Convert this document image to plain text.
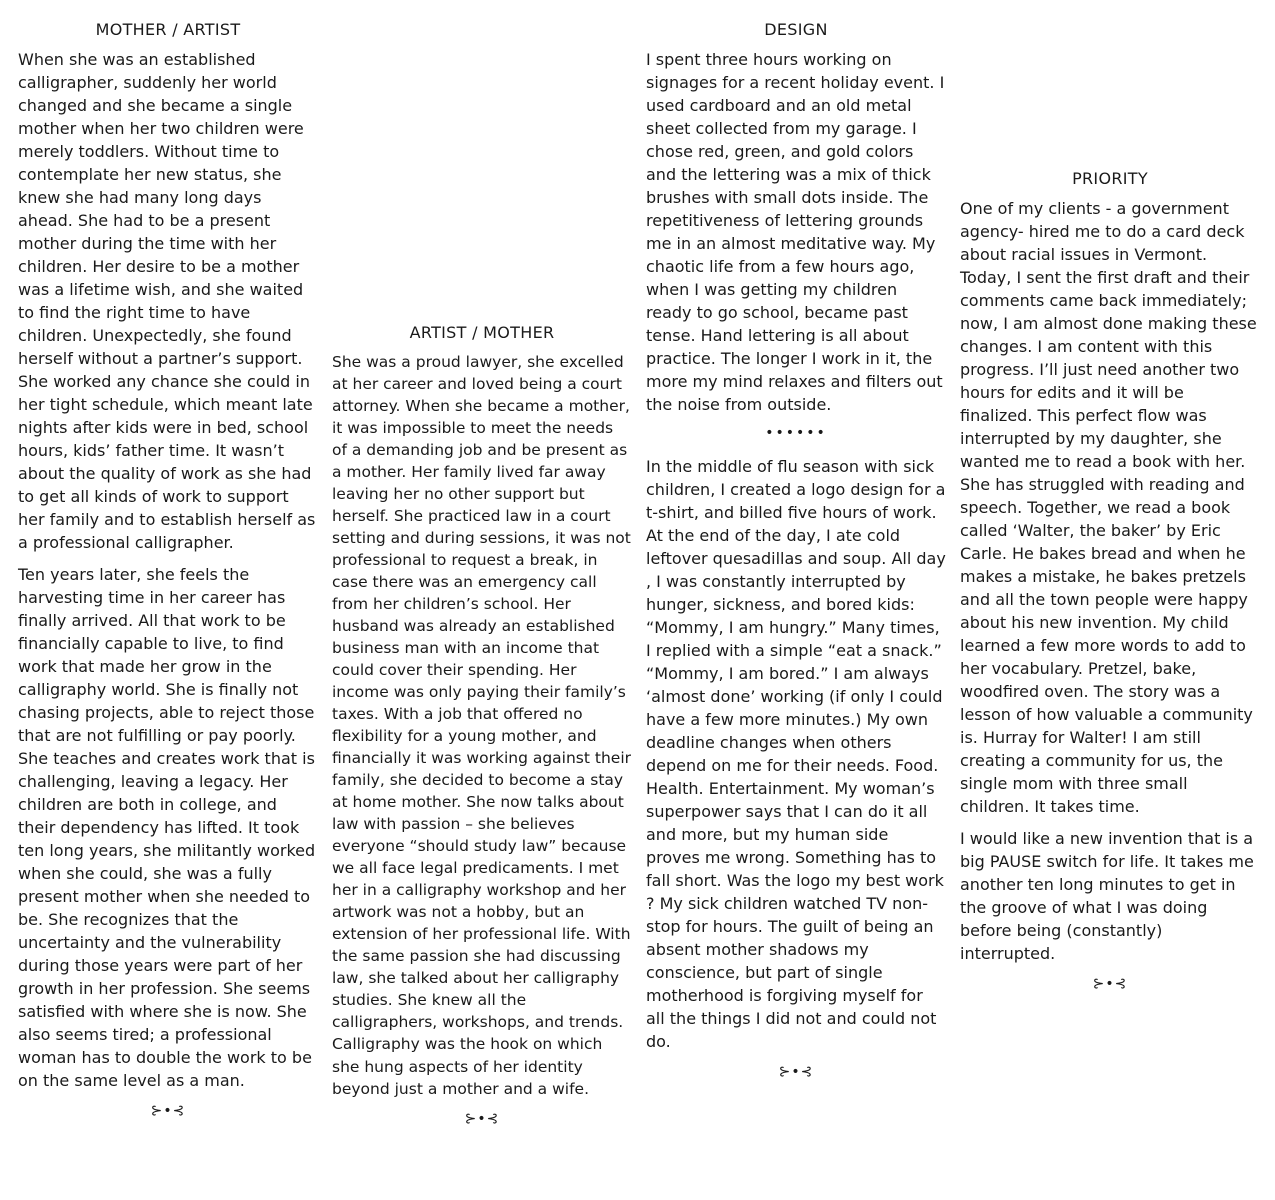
MOTHER / ARTIST

When she was an established calligrapher, suddenly her world changed and she became a single mother when her two children were merely toddlers. Without time to contemplate her new status, she knew she had many long days ahead. She had to be a present mother during the time with her children. Her desire to be a mother was a lifetime wish, and she waited to find the right time to have children. Unexpectedly, she found herself without a partner’s support. She worked any chance she could in her tight schedule, which meant late nights after kids were in bed, school hours, kids’ father time. It wasn’t about the quality of work as she had to get all kinds of work to support her family and to establish herself as a professional calligrapher.

Ten years later, she feels the harvesting time in her career has finally arrived. All that work to be financially capable to live, to find work that made her grow in the calligraphy world. She is finally not chasing projects, able to reject those that are not fulfilling or pay poorly. She teaches and creates work that is challenging, leaving a legacy. Her children are both in college, and their dependency has lifted. It took ten long years, she militantly worked when she could, she was a fully present mother when she needed to be. She recognizes that the uncertainty and the vulnerability during those years were part of her growth in her profession. She seems satisfied with where she is now. She also seems tired; a professional woman has to double the work to be on the same level as a man.

⊱•⊰
ARTIST / MOTHER

She was a proud lawyer, she excelled at her career and loved being a court attorney. When she became a mother, it was impossible to meet the needs of a demanding job and be present as a mother. Her family lived far away leaving her no other support but herself. She practiced law in a court setting and during sessions, it was not professional to request a break, in case there was an emergency call from her children’s school. Her husband was already an established business man with an income that could cover their spending. Her income was only paying their family’s taxes. With a job that offered no flexibility for a young mother, and financially it was working against their family, she decided to become a stay at home mother. She now talks about law with passion – she believes everyone “should study law” because we all face legal predicaments. I met her in a calligraphy workshop and her artwork was not a hobby, but an extension of her professional life. With the same passion she had discussing law, she talked about her calligraphy studies. She knew all the calligraphers, workshops, and trends. Calligraphy was the hook on which she hung aspects of her identity beyond just a mother and a wife.

⊱•⊰
DESIGN

I spent three hours working on signages for a recent holiday event. I used cardboard and an old metal sheet collected from my garage. I chose red, green, and gold colors and the lettering was a mix of thick brushes with small dots inside. The repetitiveness of lettering grounds me in an almost meditative way. My chaotic life from a few hours ago, when I was getting my children ready to go school, became past tense. Hand lettering is all about practice. The longer I work in it, the more my mind relaxes and filters out the noise from outside.

••••••

In the middle of flu season with sick children, I created a logo design for a t-shirt, and billed five hours of work. At the end of the day, I ate cold leftover quesadillas and soup. All day , I was constantly interrupted by hunger, sickness, and bored kids: “Mommy, I am hungry.” Many times, I replied with a simple “eat a snack.” “Mommy, I am bored.” I am always ‘almost done’ working (if only I could have a few more minutes.) My own deadline changes when others depend on me for their needs. Food. Health. Entertainment. My woman’s superpower says that I can do it all and more, but my human side proves me wrong. Something has to fall short. Was the logo my best work ? My sick children watched TV non-stop for hours. The guilt of being an absent mother shadows my conscience, but part of single motherhood is forgiving myself for all the things I did not and could not do.

⊱•⊰
PRIORITY

One of my clients - a government agency- hired me to do a card deck about racial issues in Vermont. Today, I sent the first draft and their comments came back immediately; now, I am almost done making these changes. I am content with this progress. I’ll just need another two hours for edits and it will be finalized. This perfect flow was interrupted by my daughter, she wanted me to read a book with her. She has struggled with reading and speech. Together, we read a book called ‘Walter, the baker’ by Eric Carle. He bakes bread and when he makes a mistake, he bakes pretzels and all the town people were happy about his new invention. My child learned a few more words to add to her vocabulary. Pretzel, bake, woodfired oven. The story was a lesson of how valuable a community is. Hurray for Walter! I am still creating a community for us, the single mom with three small children. It takes time.

I would like a new invention that is a big PAUSE switch for life. It takes me another ten long minutes to get in the groove of what I was doing before being (constantly) interrupted.

⊱•⊰
